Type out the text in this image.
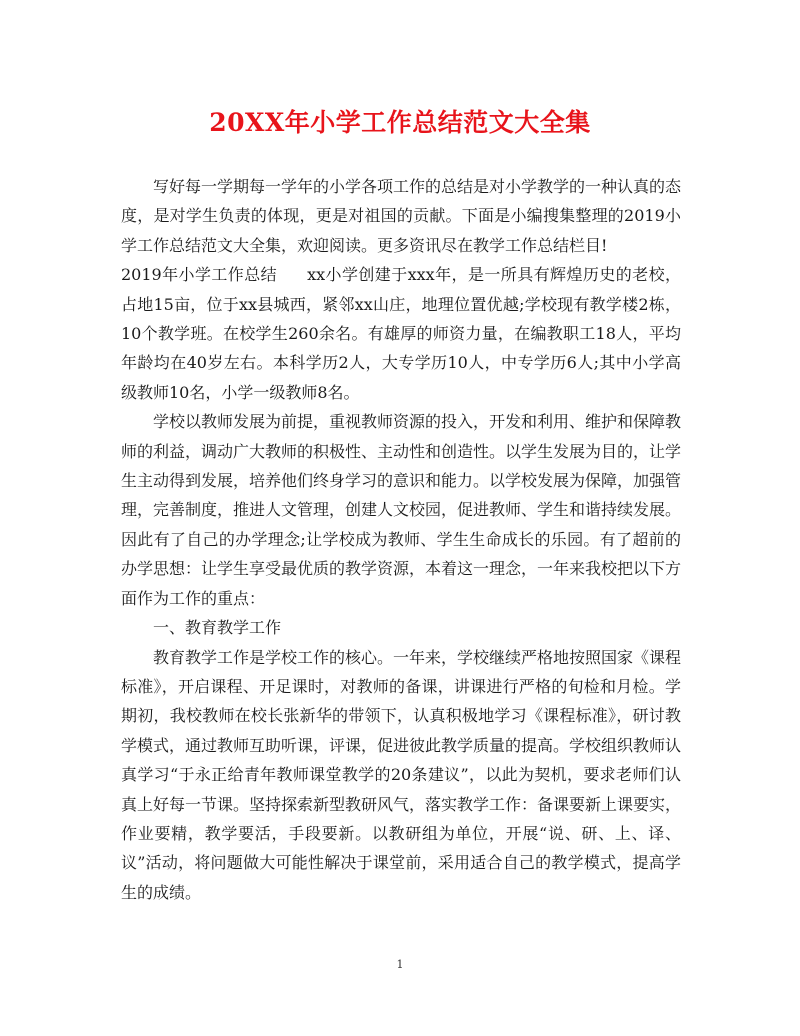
20XX年小学工作总结范文大全集

写好每一学期每一学年的小学各项工作的总结是对小学教学的一种认真的态度，是对学生负责的体现，更是对祖国的贡献。下面是小编搜集整理的2019小学工作总结范文大全集，欢迎阅读。更多资讯尽在教学工作总结栏目!

2019年小学工作总结 xx小学创建于xxx年，是一所具有辉煌历史的老校，占地15亩，位于xx县城西，紧邻xx山庄，地理位置优越;学校现有教学楼2栋，10个教学班。在校学生260余名。有雄厚的师资力量，在编教职工18人，平均年龄均在40岁左右。本科学历2人，大专学历10人，中专学历6人;其中小学高级教师10名，小学一级教师8名。

学校以教师发展为前提，重视教师资源的投入，开发和利用、维护和保障教师的利益，调动广大教师的积极性、主动性和创造性。以学生发展为目的，让学生主动得到发展，培养他们终身学习的意识和能力。以学校发展为保障，加强管理，完善制度，推进人文管理，创建人文校园，促进教师、学生和谐持续发展。因此有了自己的办学理念;让学校成为教师、学生生命成长的乐园。有了超前的办学思想：让学生享受最优质的教学资源，本着这一理念，一年来我校把以下方面作为工作的重点：

一、教育教学工作

教育教学工作是学校工作的核心。一年来，学校继续严格地按照国家《课程标准》，开启课程、开足课时，对教师的备课，讲课进行严格的旬检和月检。学期初，我校教师在校长张新华的带领下，认真积极地学习《课程标准》，研讨教学模式，通过教师互助听课，评课，促进彼此教学质量的提高。学校组织教师认真学习“于永正给青年教师课堂教学的20条建议”，以此为契机，要求老师们认真上好每一节课。坚持探索新型教研风气，落实教学工作：备课要新上课要实，作业要精，教学要活，手段要新。以教研组为单位，开展“说、研、上、译、议”活动，将问题做大可能性解决于课堂前，采用适合自己的教学模式，提高学生的成绩。

1
